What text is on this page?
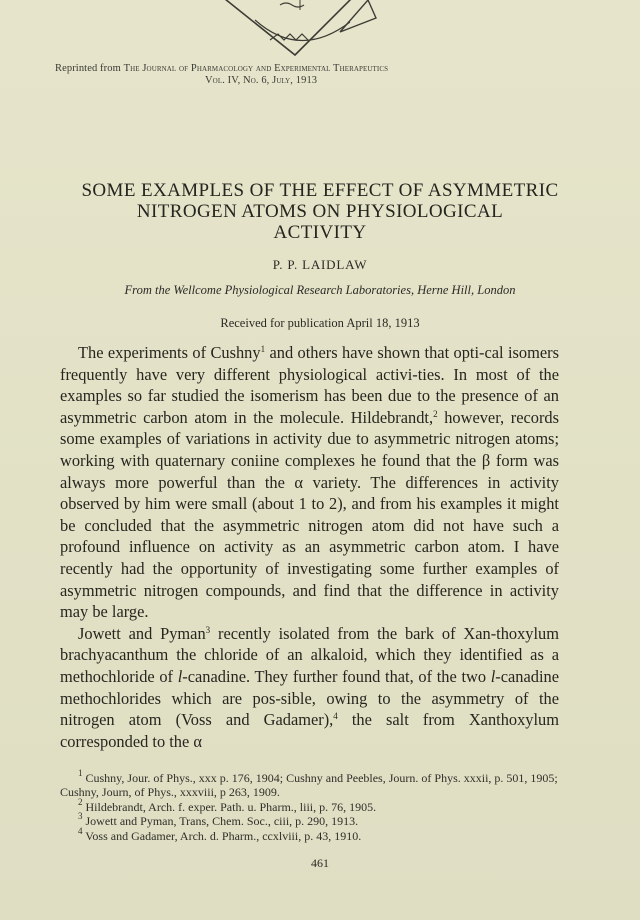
Reprinted from The Journal of Pharmacology and Experimental Therapeutics
Vol. IV, No. 6, July, 1913
SOME EXAMPLES OF THE EFFECT OF ASYMMETRIC
NITROGEN ATOMS ON PHYSIOLOGICAL
ACTIVITY
P. P. LAIDLAW
From the Wellcome Physiological Research Laboratories, Herne Hill, London
Received for publication April 18, 1913

The experiments of Cushny$^1$ and others have shown that opti-cal isomers frequently have very different physiological activi-ties. In most of the examples so far studied the isomerism has been due to the presence of an asymmetric carbon atom in the molecule. Hildebrandt,$^2$ however, records some examples of variations in activity due to asymmetric nitrogen atoms; working with quaternary coniine complexes he found that the β form was always more powerful than the α variety. The differences in activity observed by him were small (about 1 to 2), and from his examples it might be concluded that the asymmetric nitrogen atom did not have such a profound influence on activity as an asymmetric carbon atom. I have recently had the opportunity of investigating some further examples of asymmetric nitrogen compounds, and find that the difference in activity may be large.

Jowett and Pyman$^3$ recently isolated from the bark of Xan-thoxylum brachyacanthum the chloride of an alkaloid, which they identified as a methochloride of l-canadine. They further found that, of the two l-canadine methochlorides which are pos-sible, owing to the asymmetry of the nitrogen atom (Voss and Gadamer),$^4$ the salt from Xanthoxylum corresponded to the α

$^1$ Cushny, Jour. of Phys., xxx p. 176, 1904; Cushny and Peebles, Journ. of Phys. xxxii, p. 501, 1905; Cushny, Journ, of Phys., xxxviii, p 263, 1909.

$^2$ Hildebrandt, Arch. f. exper. Path. u. Pharm., liii, p. 76, 1905.

$^3$ Jowett and Pyman, Trans, Chem. Soc., ciii, p. 290, 1913.

$^4$ Voss and Gadamer, Arch. d. Pharm., ccxlviii, p. 43, 1910.

461
